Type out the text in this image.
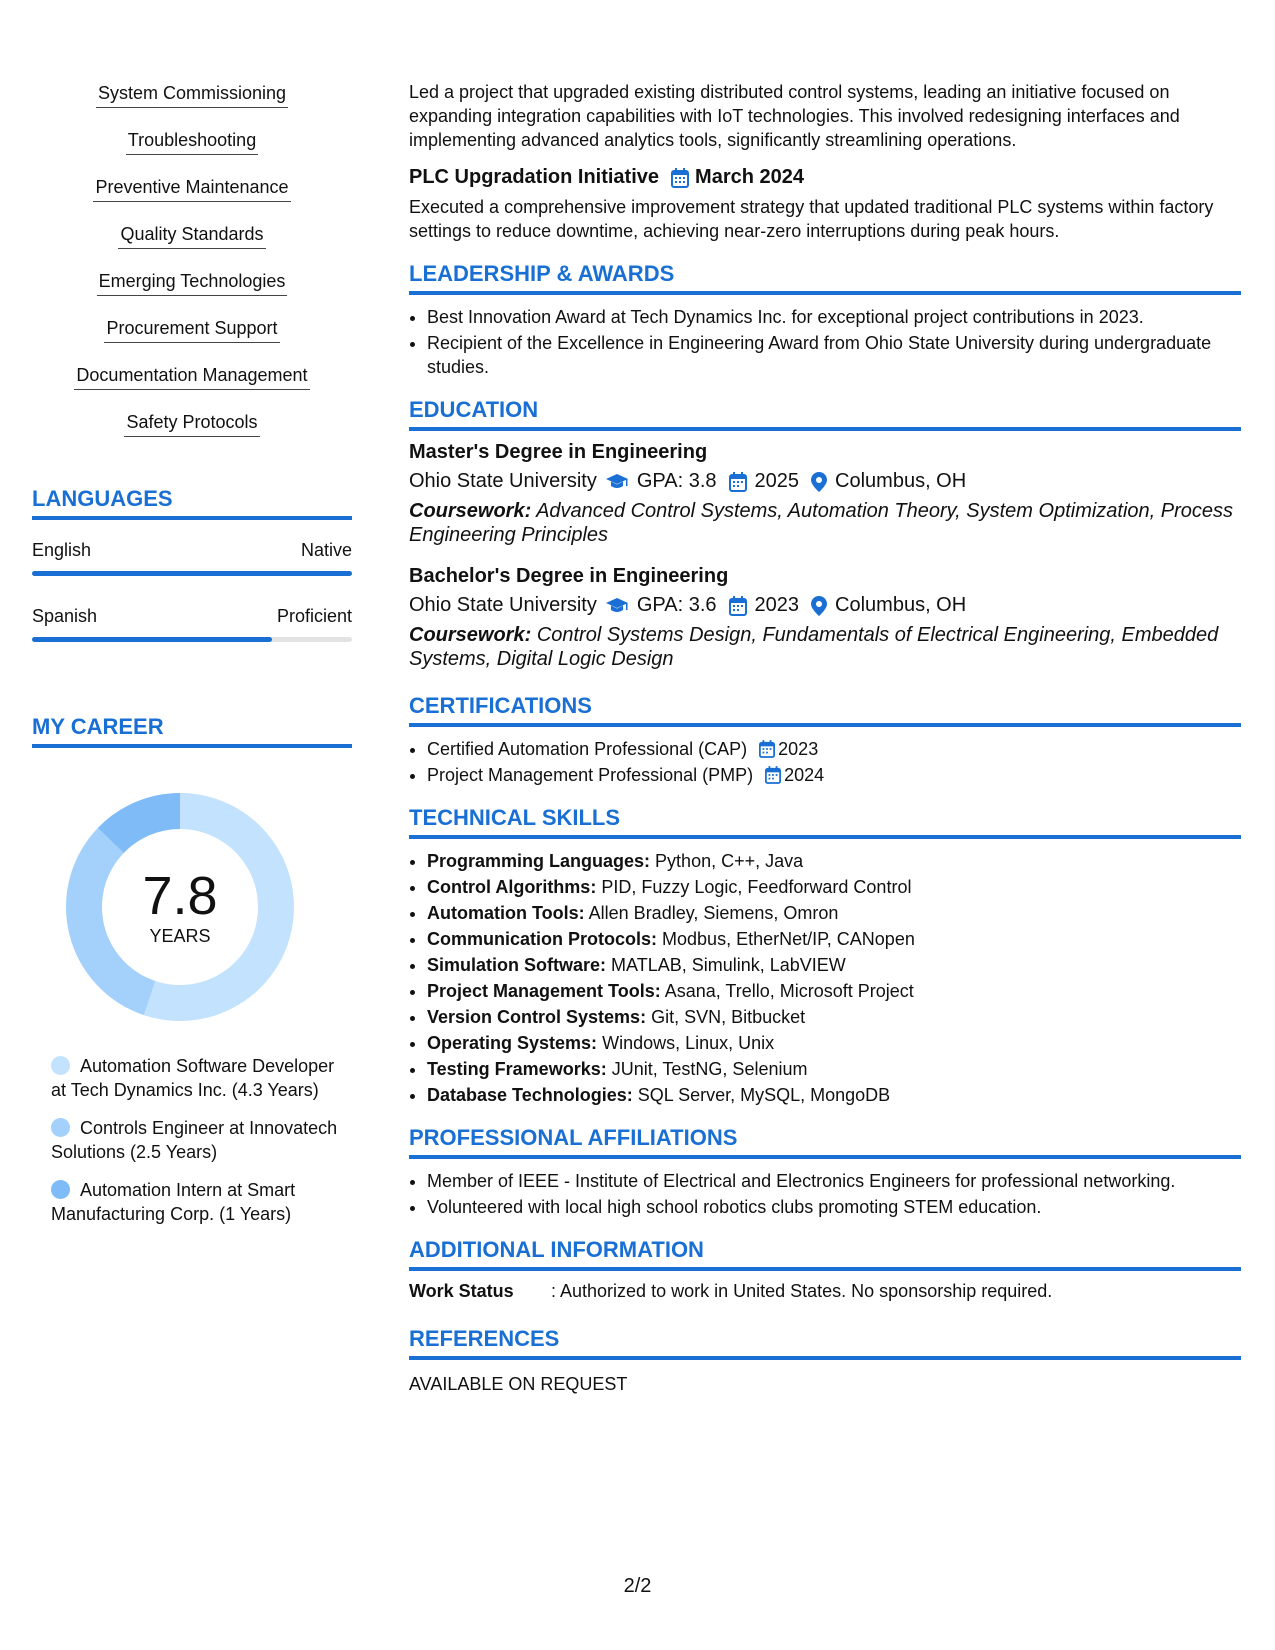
System Commissioning
Troubleshooting
Preventive Maintenance
Quality Standards
Emerging Technologies
Procurement Support
Documentation Management
Safety Protocols
LANGUAGES
English	Native
Spanish	Proficient
MY CAREER
7.8
YEARS
Automation Software Developer at Tech Dynamics Inc. (4.3 Years)
Controls Engineer at Innovatech Solutions (2.5 Years)
Automation Intern at Smart Manufacturing Corp. (1 Years)

Led a project that upgraded existing distributed control systems, leading an initiative focused on expanding integration capabilities with IoT technologies. This involved redesigning interfaces and implementing advanced analytics tools, significantly streamlining operations.

PLC Upgradation Initiative March 2024

Executed a comprehensive improvement strategy that updated traditional PLC systems within factory settings to reduce downtime, achieving near-zero interruptions during peak hours.

LEADERSHIP & AWARDS
• Best Innovation Award at Tech Dynamics Inc. for exceptional project contributions in 2023.
• Recipient of the Excellence in Engineering Award from Ohio State University during undergraduate studies.
EDUCATION
Master's Degree in Engineering
Ohio State University GPA: 3.8 2025 Columbus, OH
Coursework: Advanced Control Systems, Automation Theory, System Optimization, Process Engineering Principles
Bachelor's Degree in Engineering
Ohio State University GPA: 3.6 2023 Columbus, OH
Coursework: Control Systems Design, Fundamentals of Electrical Engineering, Embedded Systems, Digital Logic Design
CERTIFICATIONS
• Certified Automation Professional (CAP) 2023
• Project Management Professional (PMP) 2024
TECHNICAL SKILLS
• Programming Languages: Python, C++, Java
• Control Algorithms: PID, Fuzzy Logic, Feedforward Control
• Automation Tools: Allen Bradley, Siemens, Omron
• Communication Protocols: Modbus, EtherNet/IP, CANopen
• Simulation Software: MATLAB, Simulink, LabVIEW
• Project Management Tools: Asana, Trello, Microsoft Project
• Version Control Systems: Git, SVN, Bitbucket
• Operating Systems: Windows, Linux, Unix
• Testing Frameworks: JUnit, TestNG, Selenium
• Database Technologies: SQL Server, MySQL, MongoDB
PROFESSIONAL AFFILIATIONS
• Member of IEEE - Institute of Electrical and Electronics Engineers for professional networking.
• Volunteered with local high school robotics clubs promoting STEM education.
ADDITIONAL INFORMATION
Work Status	: Authorized to work in United States. No sponsorship required.
REFERENCES

AVAILABLE ON REQUEST

2/2
